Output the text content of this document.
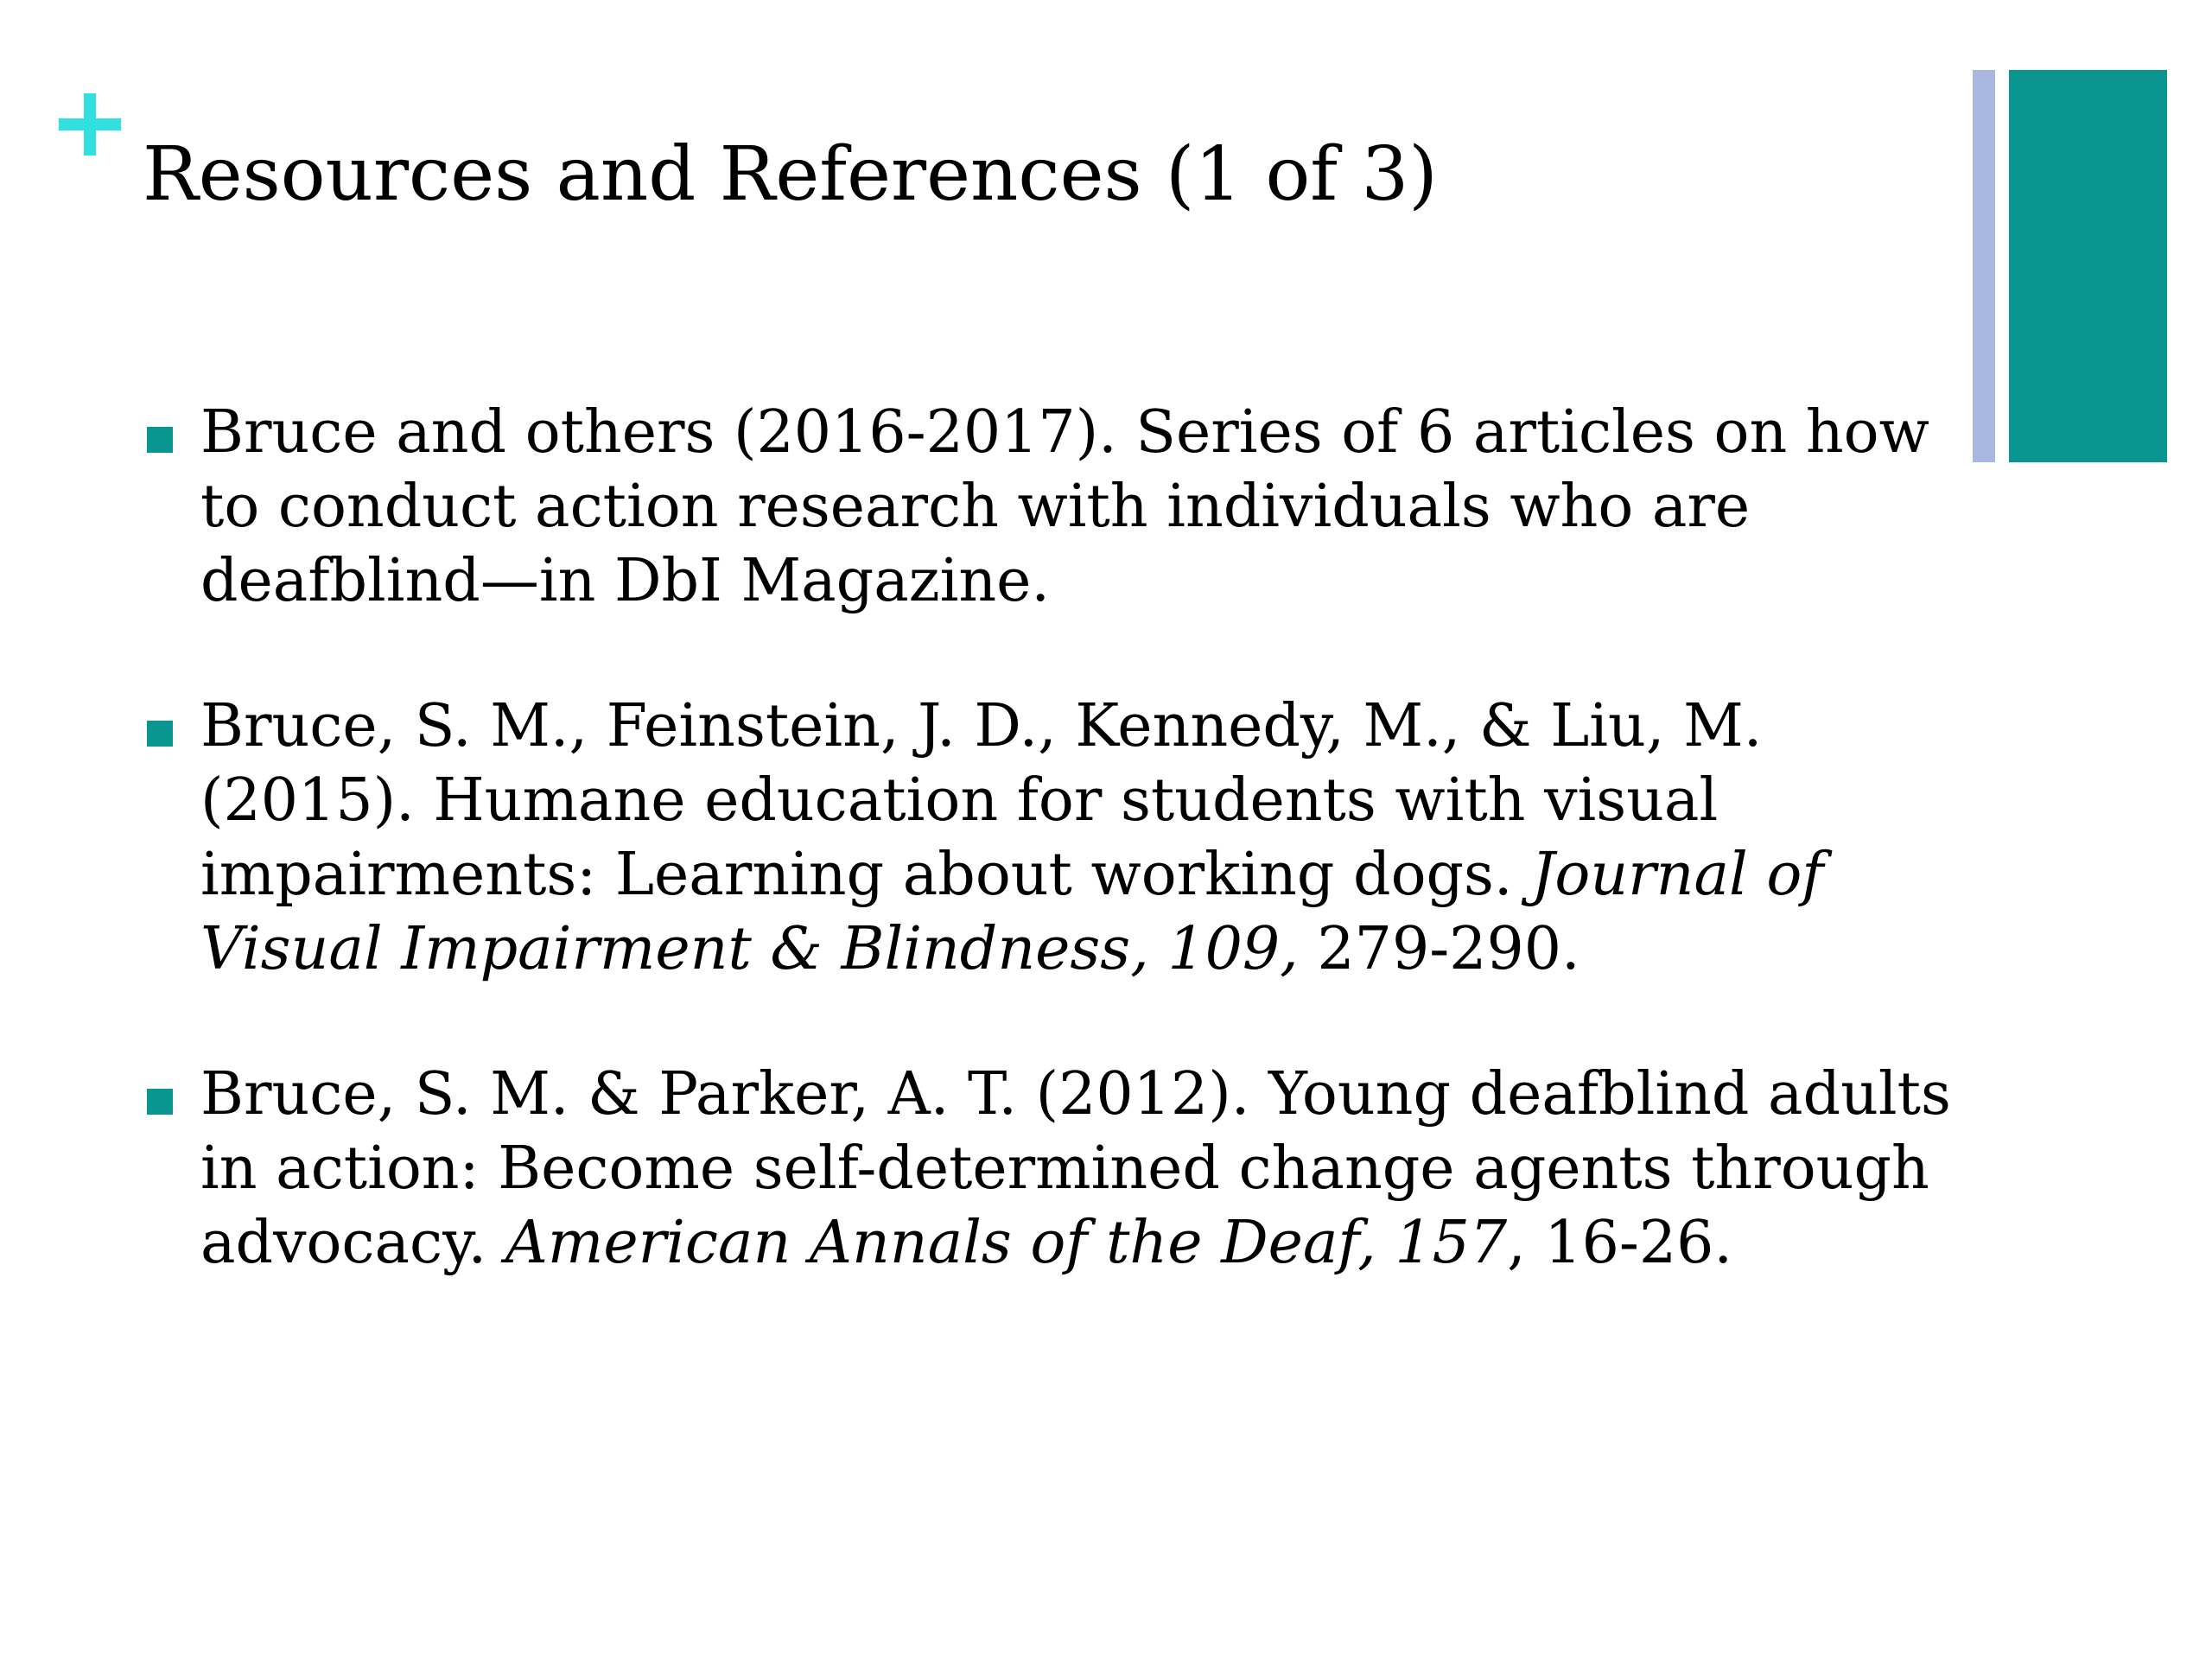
Resources and References (1 of 3)
Bruce and others (2016-2017). Series of 6 articles on how to conduct action research with individuals who are deafblind—in DbI Magazine.
Bruce, S. M., Feinstein, J. D., Kennedy, M., & Liu, M. (2015). Humane education for students with visual impairments: Learning about working dogs. Journal of Visual Impairment & Blindness, 109, 279-290.
Bruce, S. M. & Parker, A. T. (2012). Young deafblind adults in action: Become self-determined change agents through advocacy. American Annals of the Deaf, 157, 16-26.
